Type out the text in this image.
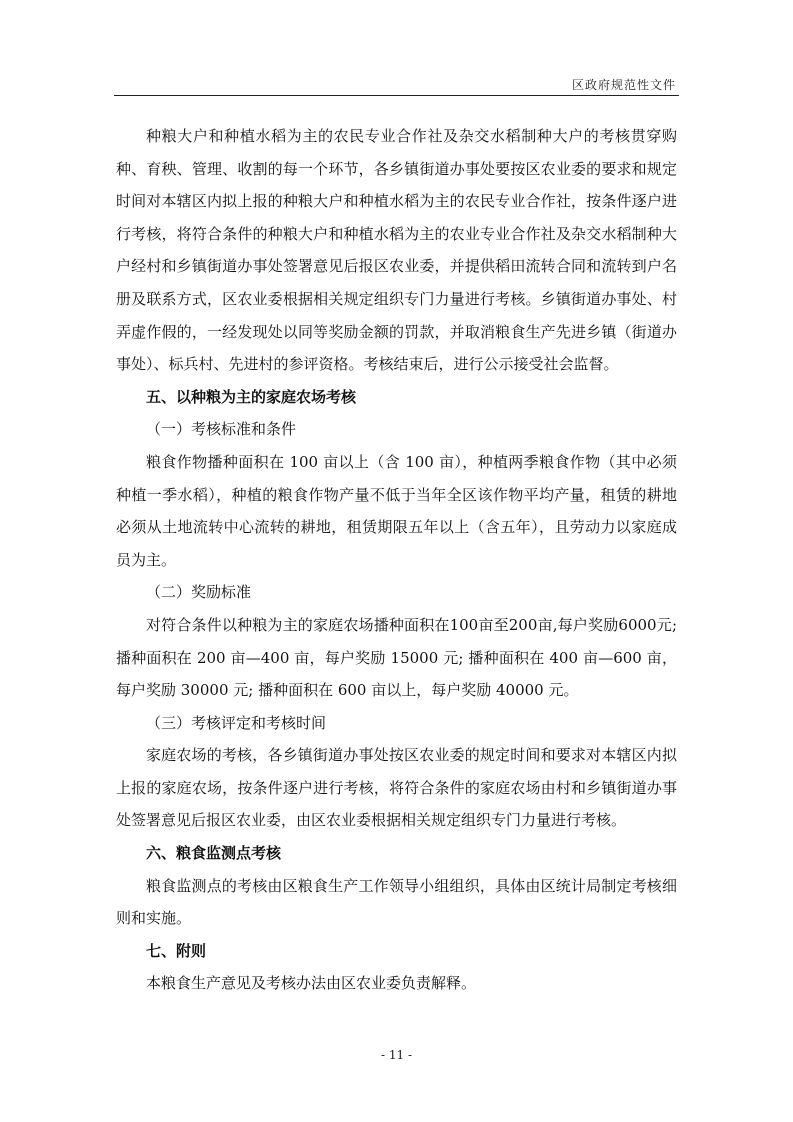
区政府规范性文件

种粮大户和种植水稻为主的农民专业合作社及杂交水稻制种大户的考核贯穿购种、育秧、管理、收割的每一个环节，各乡镇街道办事处要按区农业委的要求和规定时间对本辖区内拟上报的种粮大户和种植水稻为主的农民专业合作社，按条件逐户进行考核，将符合条件的种粮大户和种植水稻为主的农业专业合作社及杂交水稻制种大户经村和乡镇街道办事处签署意见后报区农业委，并提供稻田流转合同和流转到户名册及联系方式，区农业委根据相关规定组织专门力量进行考核。乡镇街道办事处、村弄虚作假的，一经发现处以同等奖励金额的罚款，并取消粮食生产先进乡镇（街道办事处）、标兵村、先进村的参评资格。考核结束后，进行公示接受社会监督。

五、以种粮为主的家庭农场考核

（一）考核标准和条件

粮食作物播种面积在 100 亩以上（含 100 亩），种植两季粮食作物（其中必须种植一季水稻），种植的粮食作物产量不低于当年全区该作物平均产量，租赁的耕地必须从土地流转中心流转的耕地，租赁期限五年以上（含五年），且劳动力以家庭成员为主。

（二）奖励标准

对符合条件以种粮为主的家庭农场播种面积在100亩至200亩,每户奖励6000元; 播种面积在 200 亩—400 亩，每户奖励 15000 元; 播种面积在 400 亩—600 亩，每户奖励 30000 元; 播种面积在 600 亩以上，每户奖励 40000 元。

（三）考核评定和考核时间

家庭农场的考核，各乡镇街道办事处按区农业委的规定时间和要求对本辖区内拟上报的家庭农场，按条件逐户进行考核，将符合条件的家庭农场由村和乡镇街道办事处签署意见后报区农业委，由区农业委根据相关规定组织专门力量进行考核。

六、粮食监测点考核

粮食监测点的考核由区粮食生产工作领导小组组织，具体由区统计局制定考核细则和实施。

七、附则

本粮食生产意见及考核办法由区农业委负责解释。

- 11 -
